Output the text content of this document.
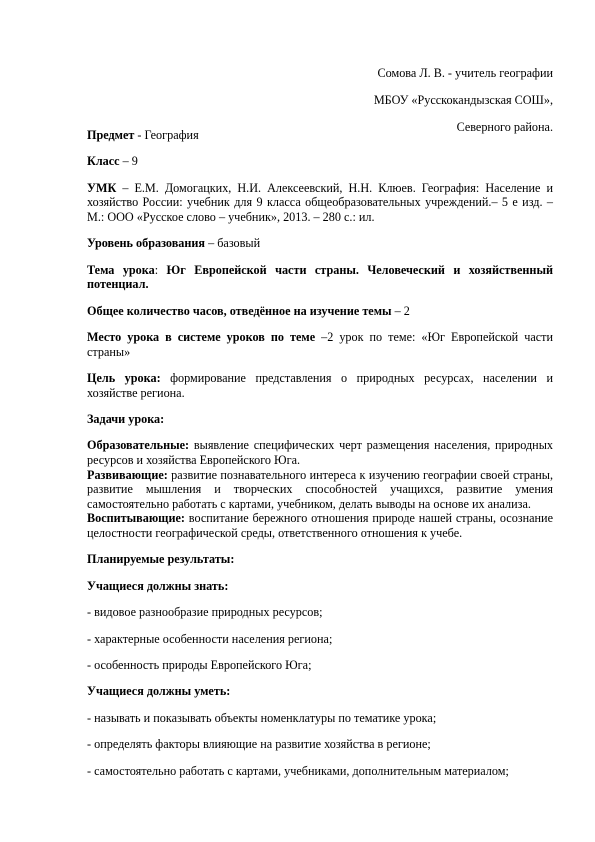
Сомова Л. В. - учитель географии
МБОУ «Русскокандызская СОШ»,
Северного района.

Предмет - География

Класс – 9

УМК – Е.М. Домогацких, Н.И. Алексеевский, Н.Н. Клюев. География: Население и хозяйство России: учебник для 9 класса общеобразовательных учреждений.– 5 е изд. – М.: ООО «Русское слово – учебник», 2013. – 280 с.: ил.

Уровень образования – базовый

Тема урока: Юг Европейской части страны. Человеческий и хозяйственный потенциал.

Общее количество часов, отведённое на изучение темы – 2

Место урока в системе уроков по теме –2 урок по теме: «Юг Европейской части страны»

Цель урока: формирование представления о природных ресурсах, населении и хозяйстве региона.

Задачи урока:

Образовательные: выявление специфических черт размещения населения, природных ресурсов и хозяйства Европейского Юга.

Развивающие: развитие познавательного интереса к изучению географии своей страны, развитие мышления и творческих способностей учащихся, развитие умения самостоятельно работать с картами, учебником, делать выводы на основе их анализа.

Воспитывающие: воспитание бережного отношения природе нашей страны, осознание целостности географической среды, ответственного отношения к учебе.

Планируемые результаты:

Учащиеся должны знать:

- видовое разнообразие природных ресурсов;

- характерные особенности населения региона;

- особенность природы Европейского Юга;

Учащиеся должны уметь:

- называть и показывать объекты номенклатуры по тематике урока;

- определять факторы влияющие на развитие хозяйства в регионе;

- самостоятельно работать с картами, учебниками, дополнительным материалом;
